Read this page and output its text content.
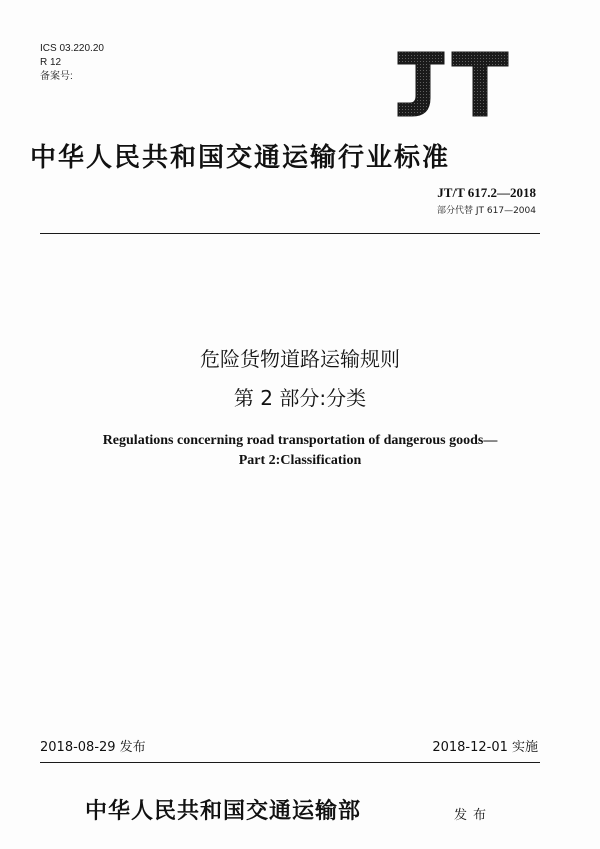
ICS 03.220.20
R 12
备案号:
中华人民共和国交通运输行业标准
JT/T 617.2—2018
部分代替 JT 617—2004
危险货物道路运输规则
第 2 部分:分类
Regulations concerning road transportation of dangerous goods—
Part 2:Classification
2018-08-29 发布	2018-12-01 实施
中华人民共和国交通运输部	发布
